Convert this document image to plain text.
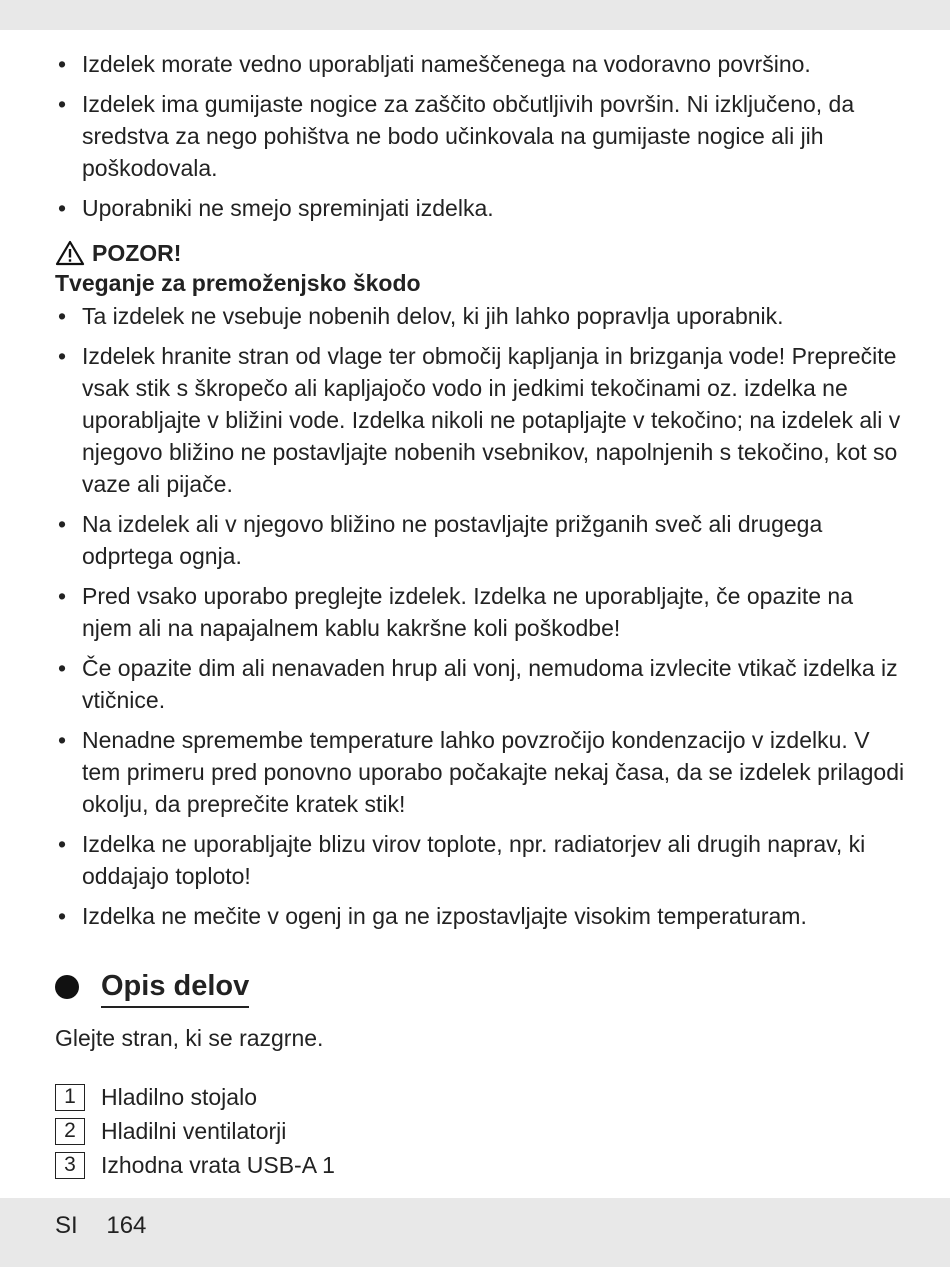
• Izdelek morate vedno uporabljati nameščenega na vodoravno površino.
• Izdelek ima gumijaste nogice za zaščito občutljivih površin. Ni izključeno, da sredstva za nego pohištva ne bodo učinkovala na gumijaste nogice ali jih poškodovala.
• Uporabniki ne smejo spreminjati izdelka.
POZOR!
Tveganje za premoženjsko škodo
• Ta izdelek ne vsebuje nobenih delov, ki jih lahko popravlja uporabnik.
• Izdelek hranite stran od vlage ter območij kapljanja in brizganja vode! Preprečite vsak stik s škropečo ali kapljajočo vodo in jedkimi tekočinami oz. izdelka ne uporabljajte v bližini vode. Izdelka nikoli ne potapljajte v tekočino; na izdelek ali v njegovo bližino ne postavljajte nobenih vsebnikov, napolnjenih s tekočino, kot so vaze ali pijače.
• Na izdelek ali v njegovo bližino ne postavljajte prižganih sveč ali drugega odprtega ognja.
• Pred vsako uporabo preglejte izdelek. Izdelka ne uporabljajte, če opazite na njem ali na napajalnem kablu kakršne koli poškodbe!
• Če opazite dim ali nenavaden hrup ali vonj, nemudoma izvlecite vtikač izdelka iz vtičnice.
• Nenadne spremembe temperature lahko povzročijo kondenzacijo v izdelku. V tem primeru pred ponovno uporabo počakajte nekaj časa, da se izdelek prilagodi okolju, da preprečite kratek stik!
• Izdelka ne uporabljajte blizu virov toplote, npr. radiatorjev ali drugih naprav, ki oddajajo toploto!
• Izdelka ne mečite v ogenj in ga ne izpostavljajte visokim temperaturam.
Opis delov
Glejte stran, ki se razgrne.
1	Hladilno stojalo
2	Hladilni ventilatorji
3	Izhodna vrata USB-A 1
SI 164
